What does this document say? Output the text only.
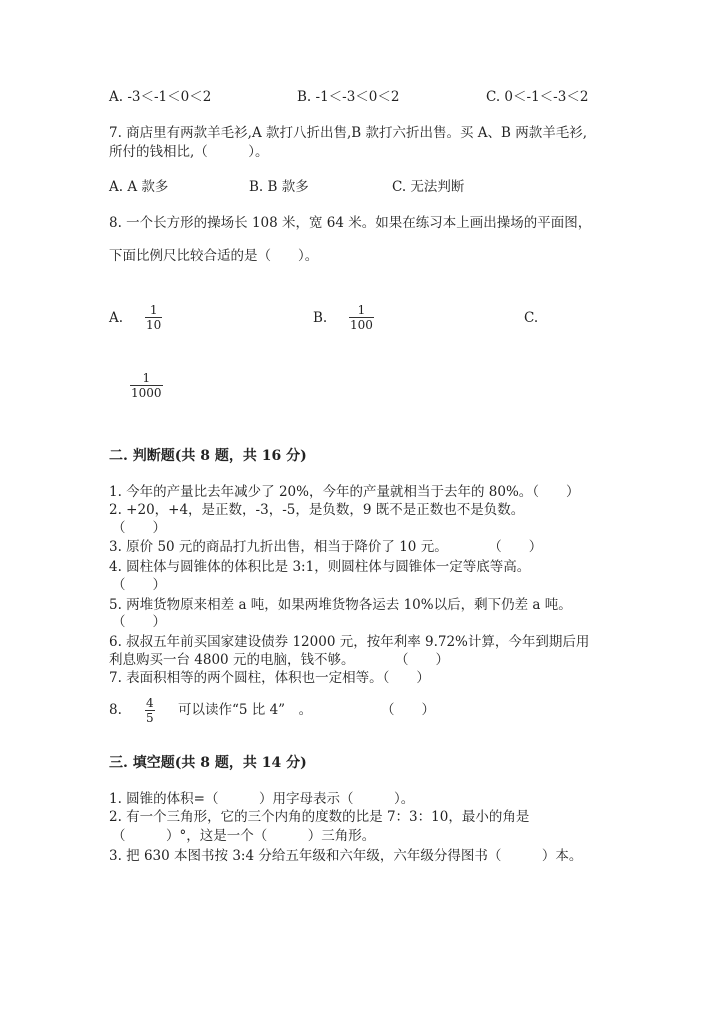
A. -3＜-1＜0＜2	B. -1＜-3＜0＜2	C. 0＜-1＜-3＜2
7. 商店里有两款羊毛衫,A 款打八折出售,B 款打六折出售。买 A、B 两款羊毛衫,
所付的钱相比,（　　　）。
A. A 款多	B. B 款多	C. 无法判断
8. 一个长方形的操场长 108 米，宽 64 米。如果在练习本上画出操场的平面图，
下面比例尺比较合适的是（　　）。
A. 1
10	B.	1
100	C.
1
1000
二. 判断题(共 8 题，共 16 分)
1. 今年的产量比去年减少了 20%，今年的产量就相当于去年的 80%。（　　）
2. +20，+4，是正数，-3，-5，是负数，9 既不是正数也不是负数。
（　　）
3. 原价 50 元的商品打九折出售，相当于降价了 10 元。　　　　（　　）
4. 圆柱体与圆锥体的体积比是 3:1，则圆柱体与圆锥体一定等底等高。
（　　）
5. 两堆货物原来相差 a 吨，如果两堆货物各运去 10%以后，剩下仍差 a 吨。
（　　）
6. 叔叔五年前买国家建设债券 12000 元，按年利率 9.72%计算，今年到期后用
利息购买一台 4800 元的电脑，钱不够。　　　　（　　）
7. 表面积相等的两个圆柱，体积也一定相等。（　　）
8. 4
5 可以读作“5 比 4”　。	（　　）
三. 填空题(共 8 题，共 14 分)
1. 圆锥的体积=（　　　）用字母表示（　　　）。
2. 有一个三角形，它的三个内角的度数的比是 7：3：10，最小的角是
（　　　）°，这是一个（　　　）三角形。
3. 把 630 本图书按 3:4 分给五年级和六年级，六年级分得图书（　　　）本。
